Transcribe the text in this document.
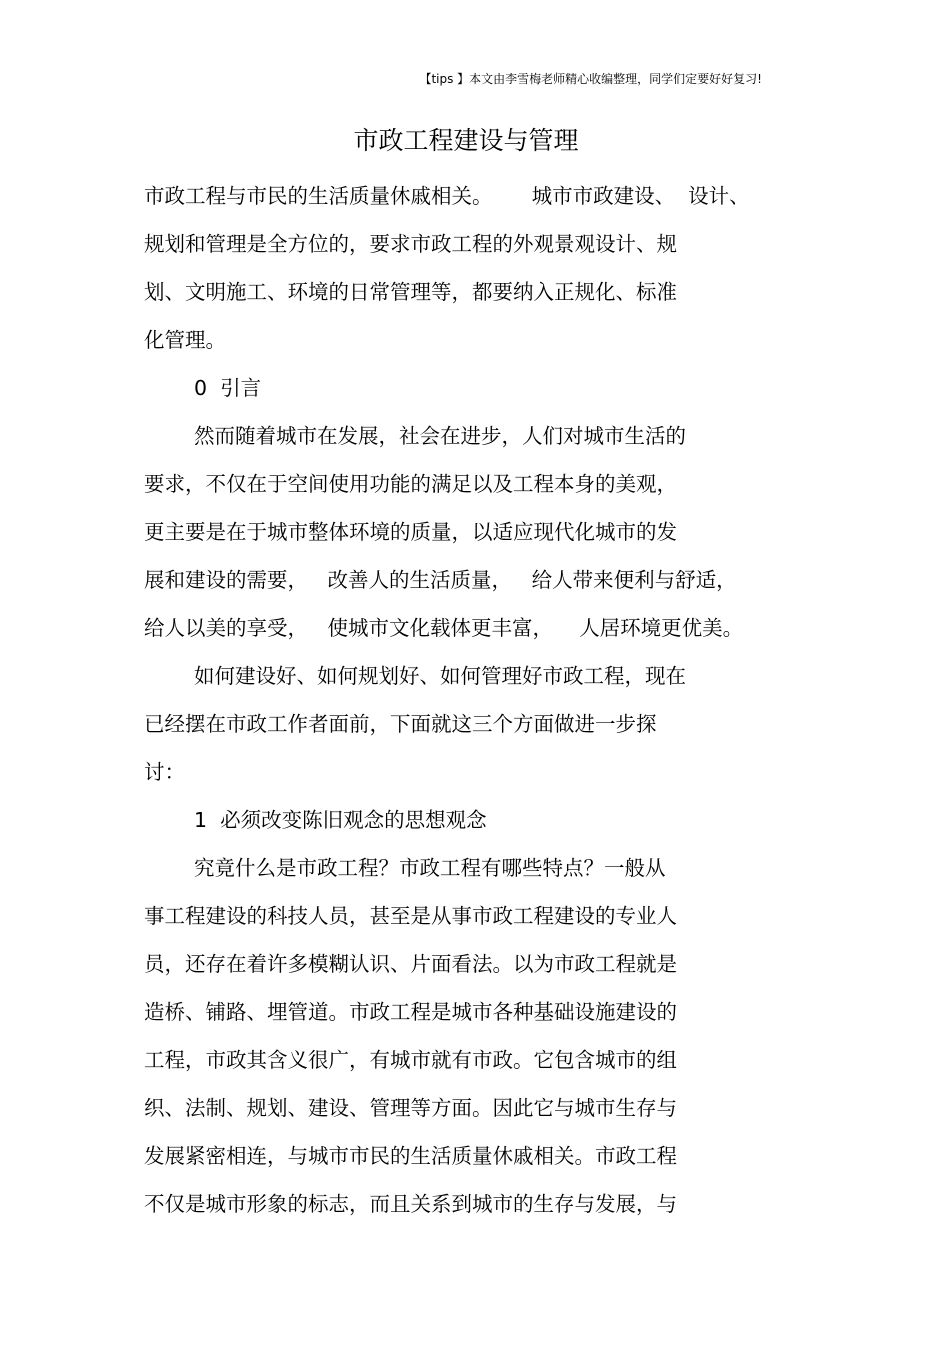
【tips 】本文由李雪梅老师精心收编整理，同学们定要好好复习!
市政工程建设与管理
市政工程与市民的生活质量休戚相关。      城市市政建设、  设计、
规划和管理是全方位的，要求市政工程的外观景观设计、规
划、文明施工、环境的日常管理等，都要纳入正规化、标准
化管理。
0  引言
然而随着城市在发展，社会在进步，人们对城市生活的
要求，不仅在于空间使用功能的满足以及工程本身的美观，
更主要是在于城市整体环境的质量，以适应现代化城市的发
展和建设的需要，   改善人的生活质量，   给人带来便利与舒适，
给人以美的享受，   使城市文化载体更丰富，    人居环境更优美。
如何建设好、如何规划好、如何管理好市政工程，现在
已经摆在市政工作者面前，下面就这三个方面做进一步探
讨：
1  必须改变陈旧观念的思想观念
究竟什么是市政工程？市政工程有哪些特点？一般从
事工程建设的科技人员，甚至是从事市政工程建设的专业人
员，还存在着许多模糊认识、片面看法。以为市政工程就是
造桥、铺路、埋管道。市政工程是城市各种基础设施建设的
工程，市政其含义很广，有城市就有市政。它包含城市的组
织、法制、规划、建设、管理等方面。因此它与城市生存与
发展紧密相连，与城市市民的生活质量休戚相关。市政工程
不仅是城市形象的标志，而且关系到城市的生存与发展，与
